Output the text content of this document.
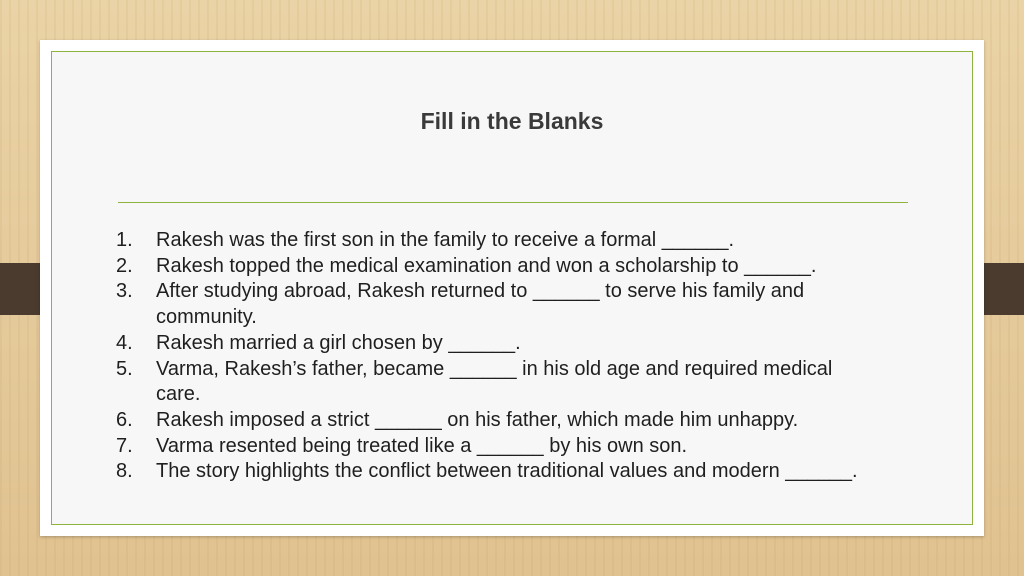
Fill in the Blanks
1. Rakesh was the first son in the family to receive a formal ______.
2. Rakesh topped the medical examination and won a scholarship to ______.
3. After studying abroad, Rakesh returned to ______ to serve his family and community.
4. Rakesh married a girl chosen by ______.
5. Varma, Rakesh’s father, became ______ in his old age and required medical care.
6. Rakesh imposed a strict ______ on his father, which made him unhappy.
7. Varma resented being treated like a ______ by his own son.
8. The story highlights the conflict between traditional values and modern ______.
